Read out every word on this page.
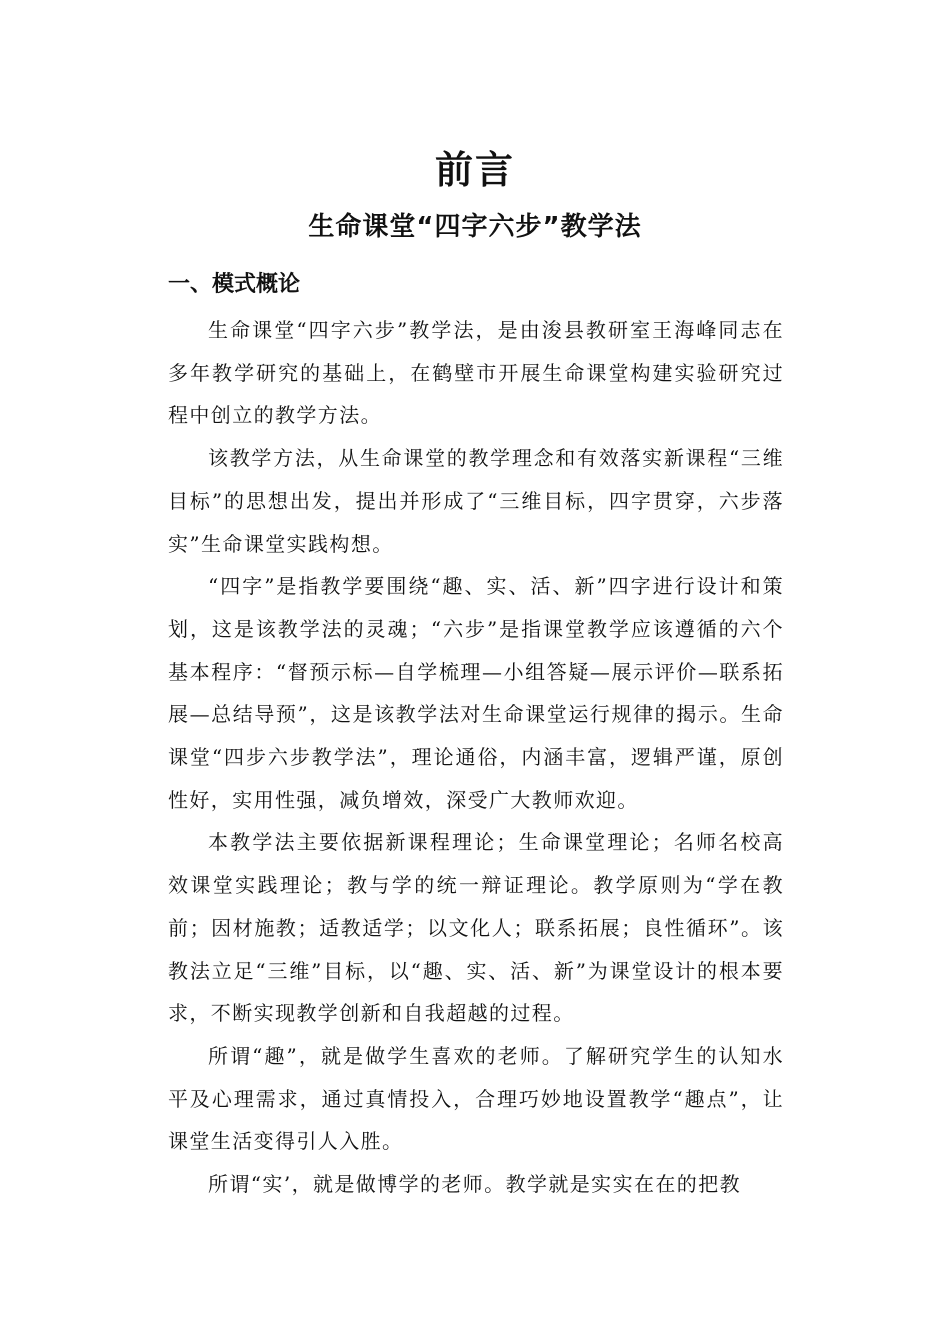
前言
生命课堂“四字六步”教学法
一、模式概论

生命课堂“四字六步”教学法，是由浚县教研室王海峰同志在多年教学研究的基础上，在鹤壁市开展生命课堂构建实验研究过程中创立的教学方法。

该教学方法，从生命课堂的教学理念和有效落实新课程“三维目标”的思想出发，提出并形成了“三维目标，四字贯穿，六步落实”生命课堂实践构想。

“四字”是指教学要围绕“趣、实、活、新”四字进行设计和策划，这是该教学法的灵魂；“六步”是指课堂教学应该遵循的六个基本程序：“督预示标—自学梳理—小组答疑—展示评价—联系拓展—总结导预”，这是该教学法对生命课堂运行规律的揭示。生命课堂“四步六步教学法”，理论通俗，内涵丰富，逻辑严谨，原创性好，实用性强，减负增效，深受广大教师欢迎。

本教学法主要依据新课程理论；生命课堂理论；名师名校高效课堂实践理论；教与学的统一辩证理论。教学原则为“学在教前；因材施教；适教适学；以文化人；联系拓展；良性循环”。该教法立足“三维”目标，以“趣、实、活、新”为课堂设计的根本要求，不断实现教学创新和自我超越的过程。

所谓“趣”，就是做学生喜欢的老师。了解研究学生的认知水平及心理需求，通过真情投入，合理巧妙地设置教学“趣点”，让课堂生活变得引人入胜。

所谓“实’，就是做博学的老师。教学就是实实在在的把教
